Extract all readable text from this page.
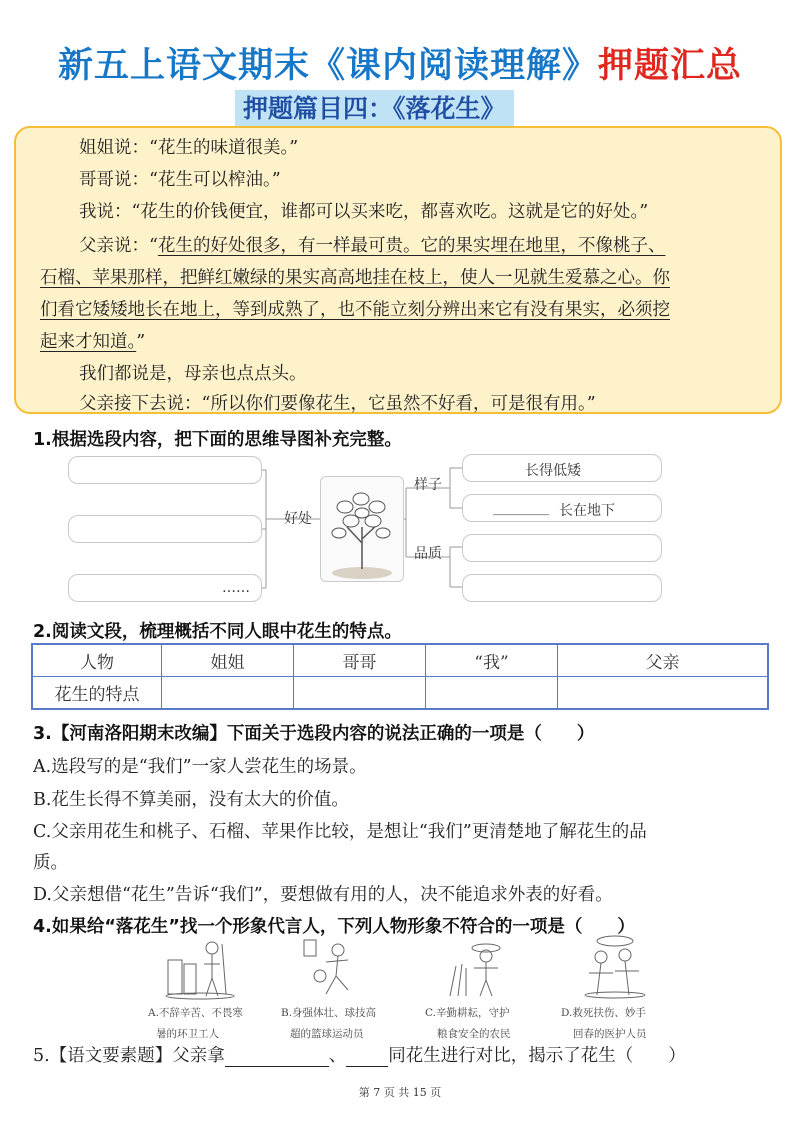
新五上语文期末《课内阅读理解》押题汇总
押题篇目四：《落花生》
姐姐说：“花生的味道很美。”
哥哥说：“花生可以榨油。”
我说：“花生的价钱便宜，谁都可以买来吃，都喜欢吃。这就是它的好处。”
父亲说：“花生的好处很多，有一样最可贵。它的果实埋在地里，不像桃子、
石榴、苹果那样，把鲜红嫩绿的果实高高地挂在枝上，使人一见就生爱慕之心。你
们看它矮矮地长在地上，等到成熟了，也不能立刻分辨出来它有没有果实，必须挖
起来才知道。”
我们都说是，母亲也点点头。
父亲接下去说：“所以你们要像花生，它虽然不好看，可是很有用。”
1.根据选段内容，把下面的思维导图补充完整。
……
好处
样子
品质
长得低矮
________ 长在地下
2.阅读文段，梳理概括不同人眼中花生的特点。
人物	姐姐	哥哥	“我”	父亲
花生的特点				
3.【河南洛阳期末改编】下面关于选段内容的说法正确的一项是（　　）
A.选段写的是“我们”一家人尝花生的场景。
B.花生长得不算美丽，没有太大的价值。
C.父亲用花生和桃子、石榴、苹果作比较，是想让“我们”更清楚地了解花生的品
质。
D.父亲想借“花生”告诉“我们”，要想做有用的人，决不能追求外表的好看。
4.如果给“落花生”找一个形象代言人，下列人物形象不符合的一项是（　　）
A.不辞辛苦、不畏寒
暑的环卫工人
B.身强体壮、球技高
超的篮球运动员
C.辛勤耕耘，守护
粮食安全的农民
D.救死扶伤、妙手
回春的医护人员
5.【语文要素题】父亲拿	、 同花生进行对比，揭示了花生（　　）
第 7 页 共 15 页
